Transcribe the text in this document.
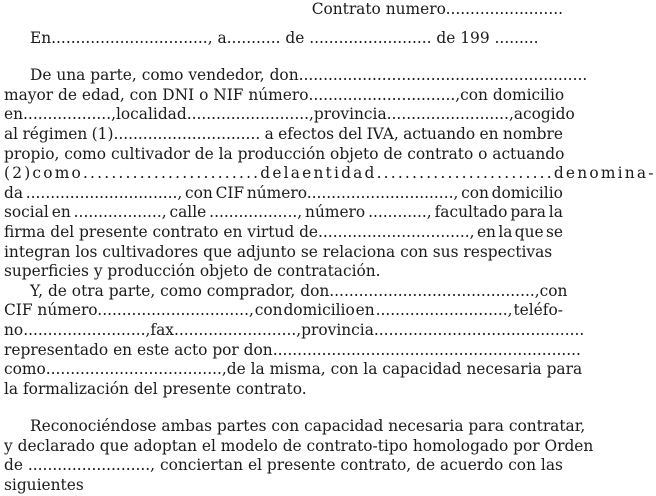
Contrato numero........................
En................................, a........... de ......................... de 199 .........
De una parte, como vendedor, don ...........................................................
mayor de edad, con DNI o NIF número .............................., con domicilio
en .................., localidad........................., provincia ........................., acogido
al régimen (1).............................. a efectos del IVA, actuando en nombre
propio, como cultivador de la producción objeto de contrato o actuando
(2) como ......................... de la entidad ......................... denomina-
da ..............................., con CIF número.............................., con domicilio
social en .................., calle .................., número ............, facultado para la
firma del presente contrato en virtud de..............................., en la que se
integran los cultivadores que adjunto se relaciona con sus respectivas
superficies y producción objeto de contratación.
Y, de otra parte, como comprador, don .........................................., con
CIF número..............................., con domicilio en ..........................., teléfo-
no ........................., fax ........................., provincia ...........................................
representado en este acto por don ...............................................................
como ...................................., de la misma, con la capacidad necesaria para
la formalización del presente contrato.
Reconociéndose ambas partes con capacidad necesaria para contratar,
y declarado que adoptan el modelo de contrato-tipo homologado por Orden
de ........................., conciertan el presente contrato, de acuerdo con las
siguientes
